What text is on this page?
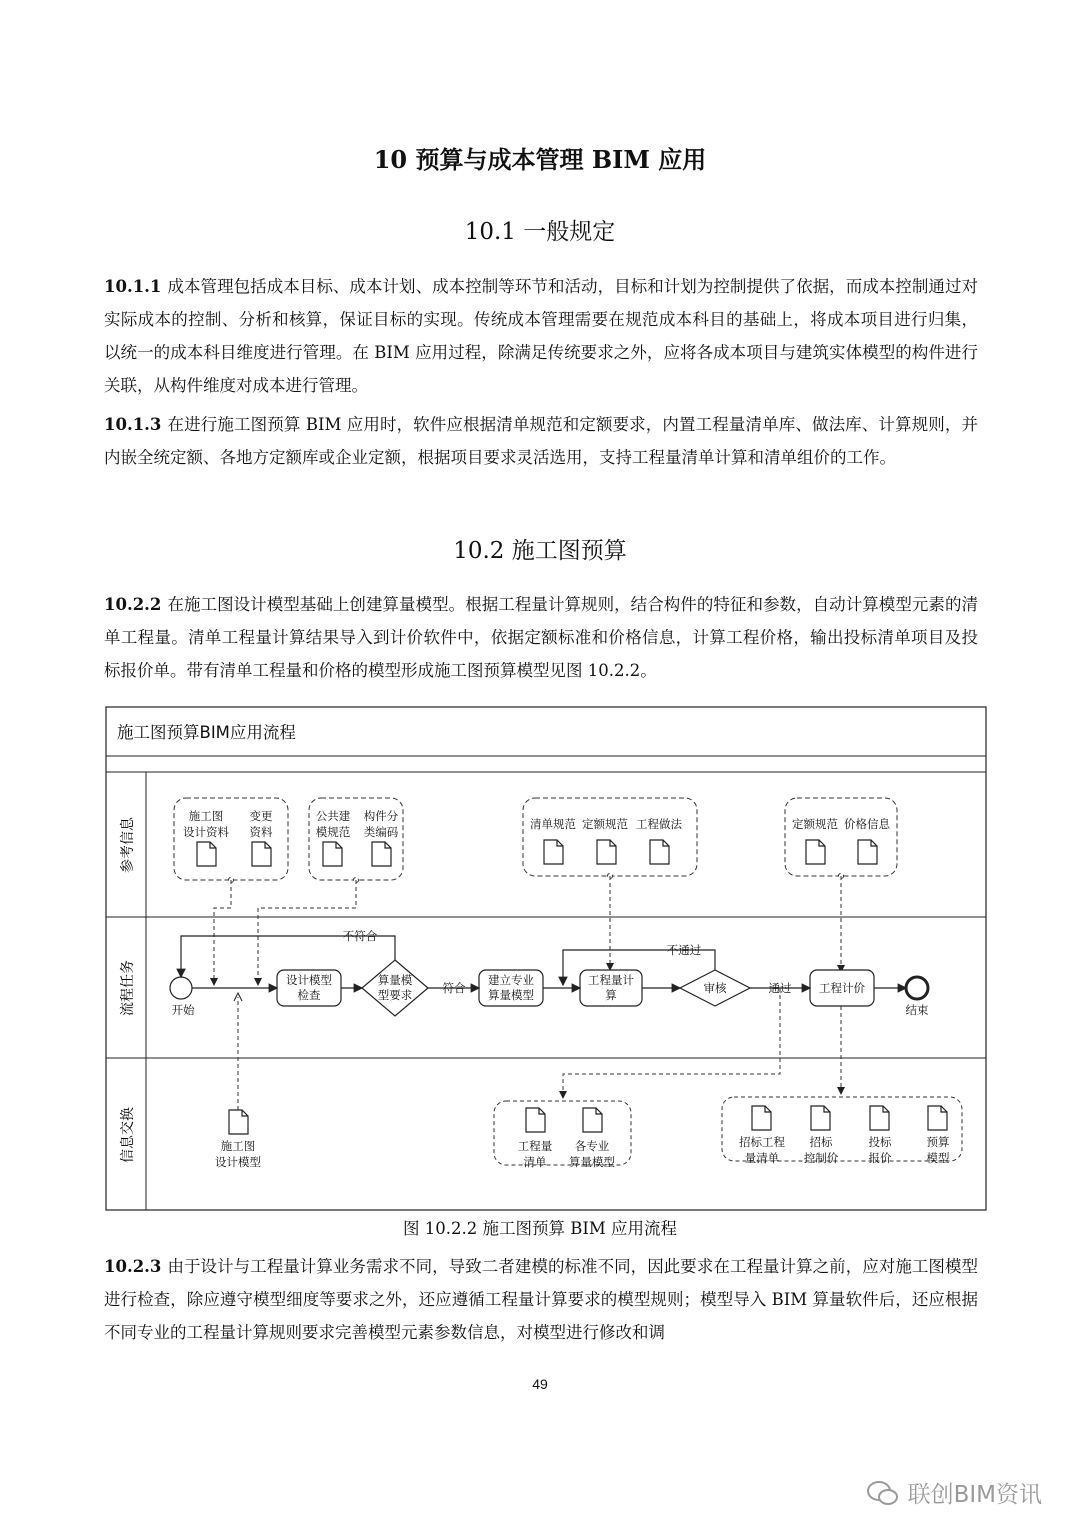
10 预算与成本管理 BIM 应用
10.1 一般规定

10.1.1 成本管理包括成本目标、成本计划、成本控制等环节和活动，目标和计划为控制提供了依据，而成本控制通过对实际成本的控制、分析和核算，保证目标的实现。传统成本管理需要在规范成本科目的基础上，将成本项目进行归集，以统一的成本科目维度进行管理。在 BIM 应用过程，除满足传统要求之外，应将各成本项目与建筑实体模型的构件进行关联，从构件维度对成本进行管理。

10.1.3 在进行施工图预算 BIM 应用时，软件应根据清单规范和定额要求，内置工程量清单库、做法库、计算规则，并内嵌全统定额、各地方定额库或企业定额，根据项目要求灵活选用，支持工程量清单计算和清单组价的工作。

10.2 施工图预算

10.2.2 在施工图设计模型基础上创建算量模型。根据工程量计算规则，结合构件的特征和参数，自动计算模型元素的清单工程量。清单工程量计算结果导入到计价软件中，依据定额标准和价格信息，计算工程价格，输出投标清单项目及投标报价单。带有清单工程量和价格的模型形成施工图预算模型见图 10.2.2。

施工图预算BIM应用流程
参考信息
流程任务
信息交换
施工图
设计资料
变更
资料
公共建
模规范
构件分
类编码
清单规范 定额规范 工程做法	定额规范 价格信息
开始
设计模型
检查
算量模
型要求
建立专业
算量模型
工程量计
算	审核	工程计价
结束
不符合
符合
不通过
通过
施工图
设计模型
工程量
清单
各专业
算量模型
招标工程
量清单
招标
控制价
投标
报价
预算
模型
图 10.2.2 施工图预算 BIM 应用流程

10.2.3 由于设计与工程量计算业务需求不同，导致二者建模的标准不同，因此要求在工程量计算之前，应对施工图模型进行检查，除应遵守模型细度等要求之外，还应遵循工程量计算要求的模型规则；模型导入 BIM 算量软件后，还应根据不同专业的工程量计算规则要求完善模型元素参数信息，对模型进行修改和调

49
联创BIM资讯
